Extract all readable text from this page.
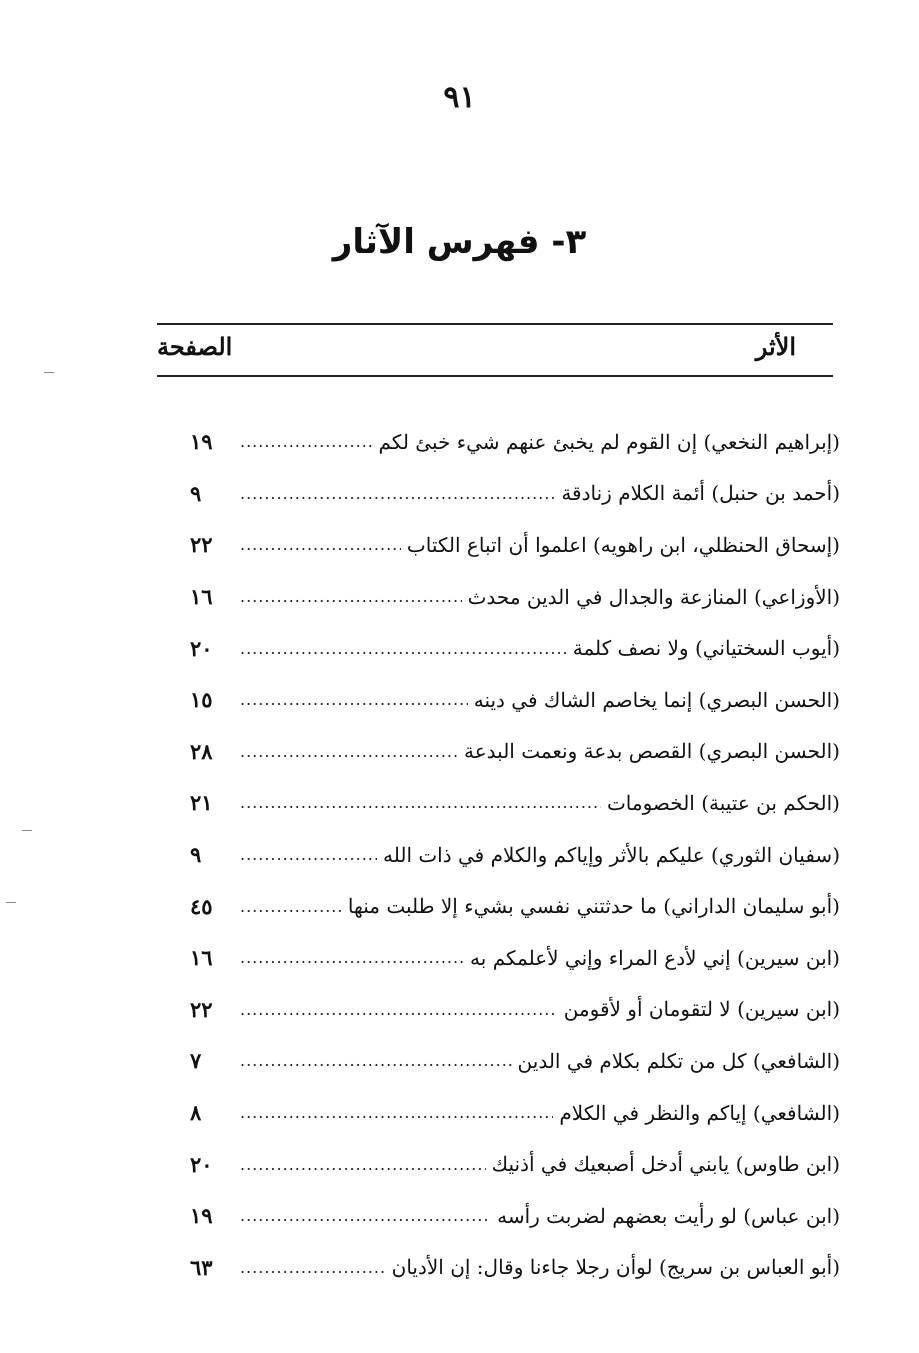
٩١
٣- فهرس الآثار
الأثر
الصفحة
(إبراهيم النخعي) إن القوم لم يخبئ عنهم شيء خبئ لكم
.....
١٩
(أحمد بن حنبل) أئمة الكلام زنادقة
.....
٩
(إسحاق الحنظلي، ابن راهويه) اعلموا أن اتباع الكتاب
.....
٢٢
(الأوزاعي) المنازعة والجدال في الدين محدث
.....
١٦
(أيوب السختياني) ولا نصف كلمة
.....
٢٠
(الحسن البصري) إنما يخاصم الشاك في دينه
.....
١٥
(الحسن البصري) القصص بدعة ونعمت البدعة
.....
٢٨
(الحكم بن عتيبة) الخصومات
.....
٢١
(سفيان الثوري) عليكم بالأثر وإياكم والكلام في ذات الله
.....
٩
(أبو سليمان الداراني) ما حدثتني نفسي بشيء إلا طلبت منها
.....
٤٥
(ابن سيرين) إني لأدع المراء وإني لأعلمكم به
.....
١٦
(ابن سيرين) لا لتقومان أو لأقومن
.....
٢٢
(الشافعي) كل من تكلم بكلام في الدين
.....
٧
(الشافعي) إياكم والنظر في الكلام
.....
٨
(ابن طاوس) يابني أدخل أصبعيك في أذنيك
.....
٢٠
(ابن عباس) لو رأيت بعضهم لضربت رأسه
.....
١٩
(أبو العباس بن سريج) لوأن رجلا جاءنا وقال: إن الأديان
.....
٦٣
